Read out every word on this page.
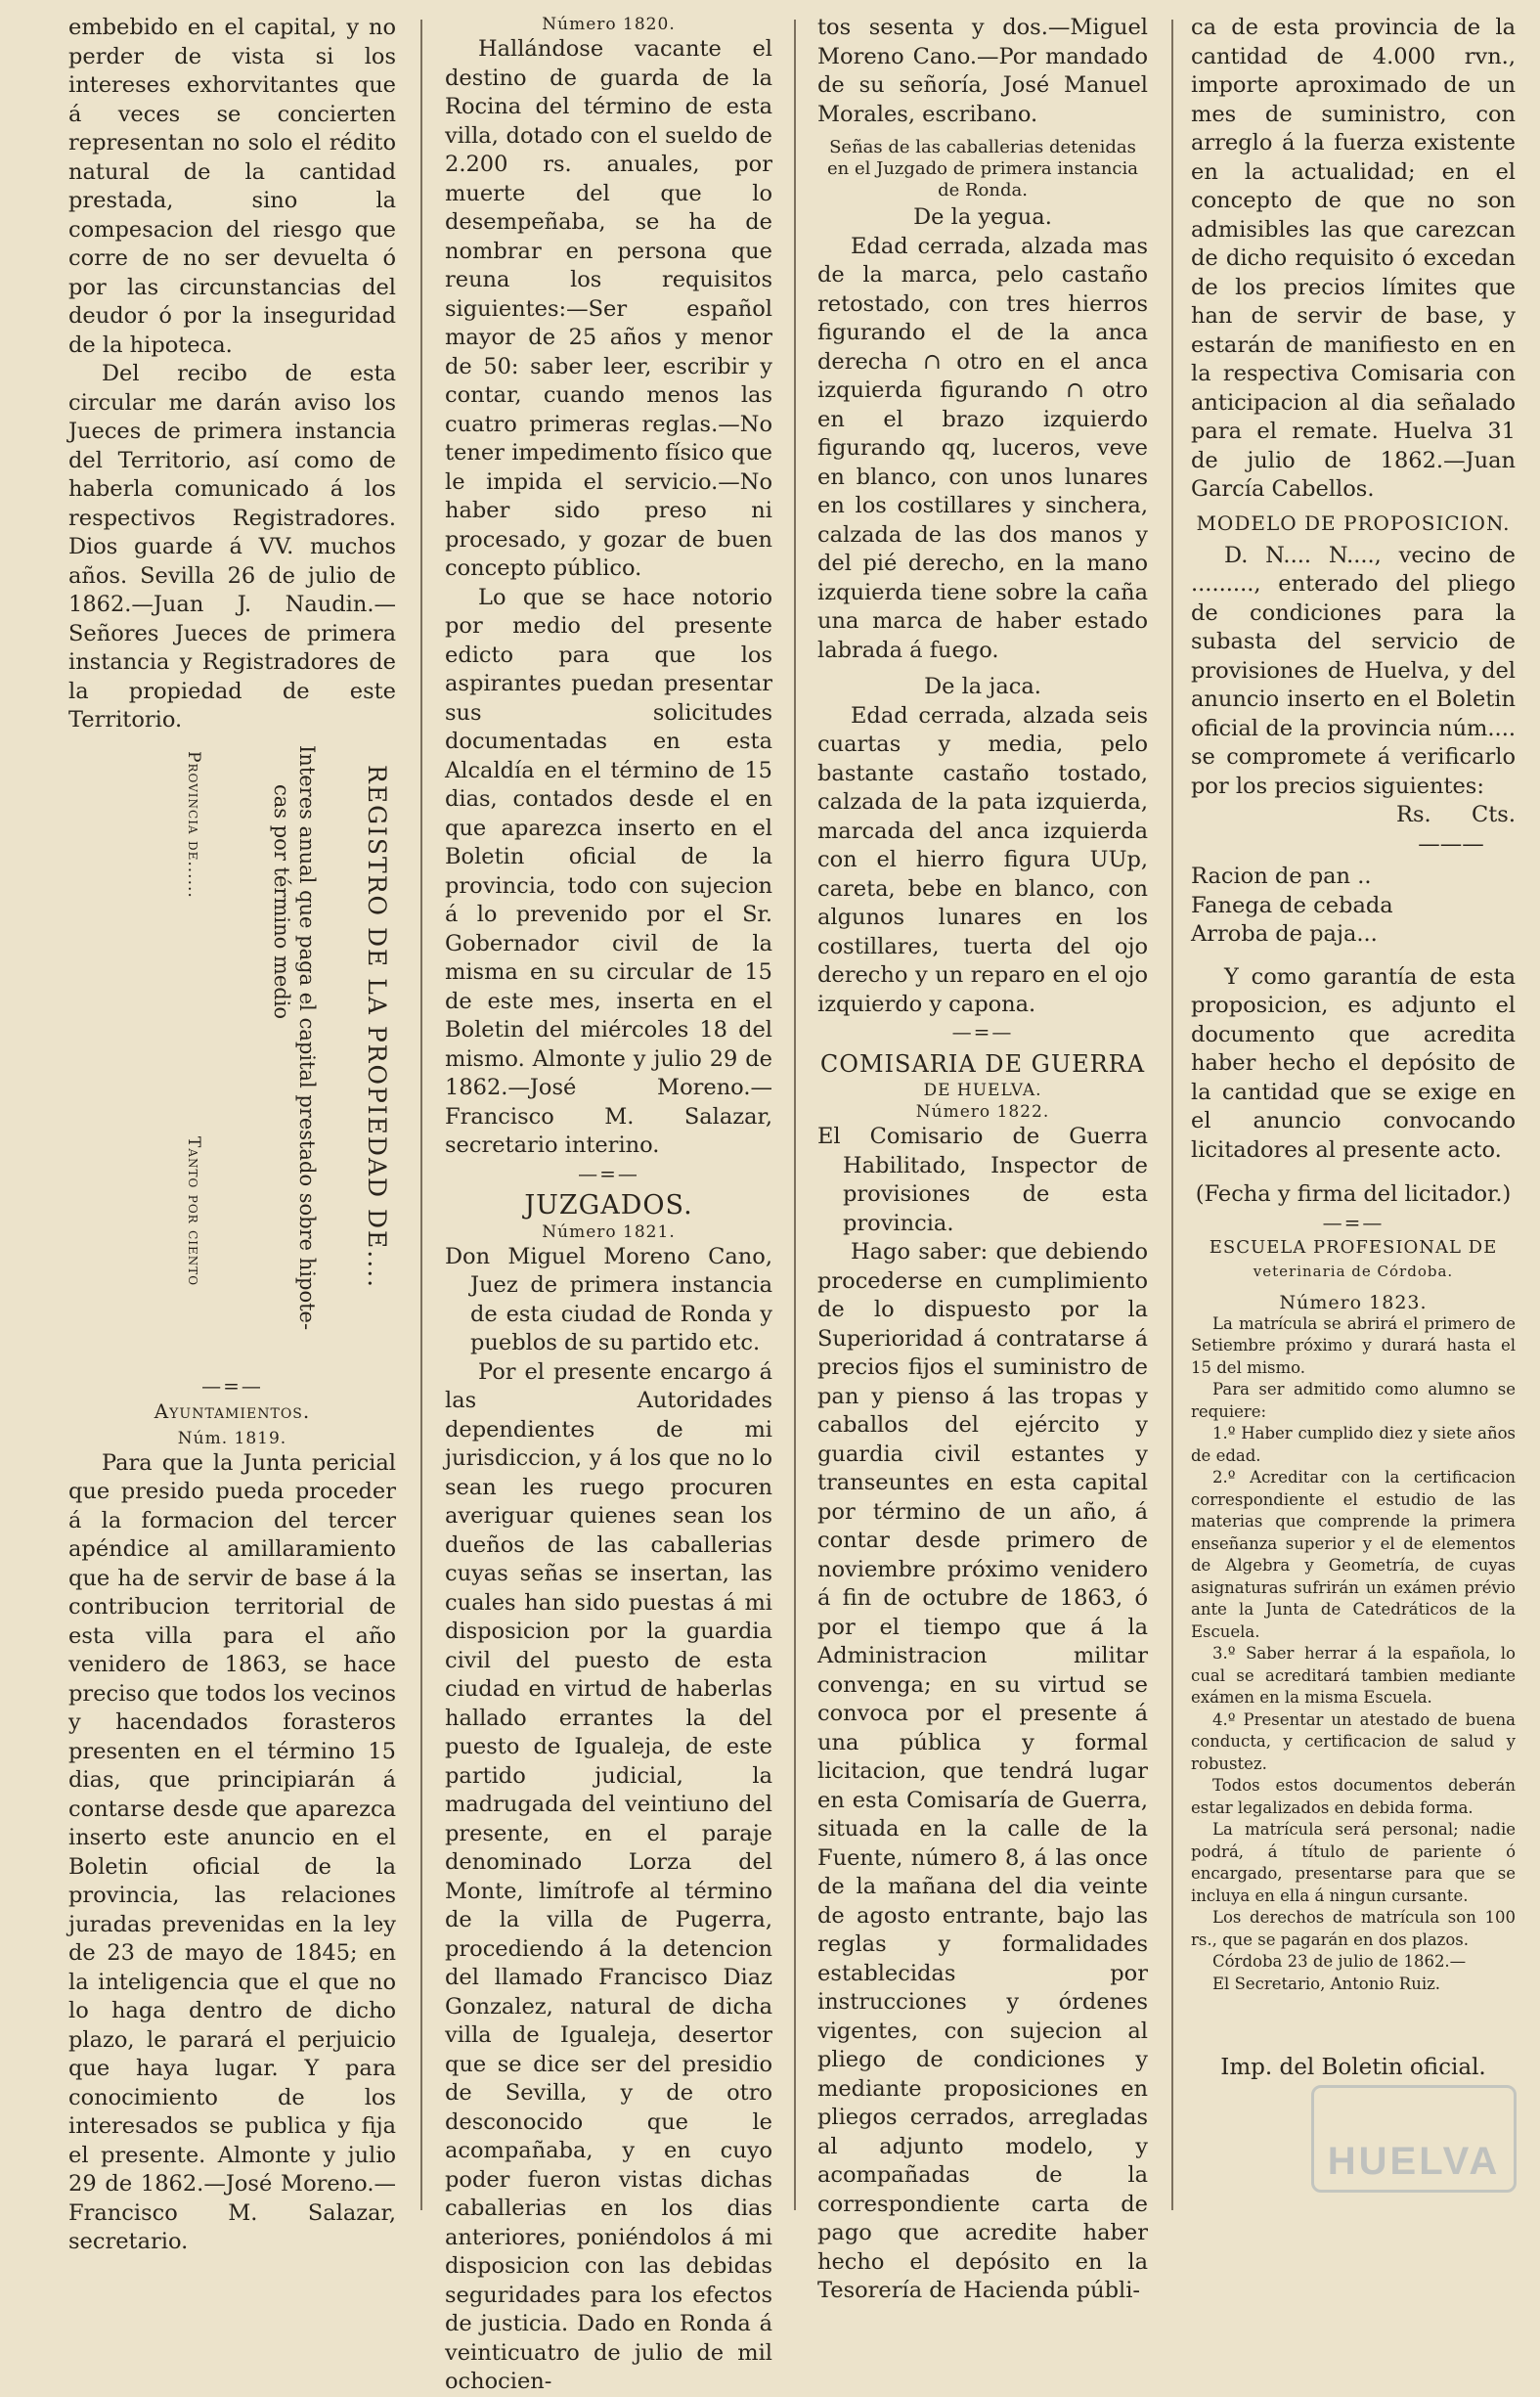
embebido en el capital, y no perder de vista si los intereses exhorvitantes que á veces se concierten representan no solo el rédito natural de la cantidad prestada, sino la compesacion del riesgo que corre de no ser devuelta ó por las circunstancias del deudor ó por la inseguridad de la hipoteca.

Del recibo de esta circular me darán aviso los Jueces de primera instancia del Territorio, así como de haberla comunicado á los respectivos Registradores. Dios guarde á VV. muchos años. Sevilla 26 de julio de 1862.—Juan J. Naudin.—Señores Jueces de primera instancia y Registradores de la propiedad de este Territorio.

REGISTRO DE LA PROPIEDAD DE....
Interes anual que paga el capital prestado sobre hipote-
cas por término medio
Provincia de......
Tanto por ciento

—=—

Ayuntamientos.

Núm. 1819.

Para que la Junta pericial que presido pueda proceder á la formacion del tercer apéndice al amillaramiento que ha de servir de base á la contribucion territorial de esta villa para el año venidero de 1863, se hace preciso que todos los vecinos y hacendados forasteros presenten en el término 15 dias, que principiarán á contarse desde que aparezca inserto este anuncio en el Boletin oficial de la provincia, las relaciones juradas prevenidas en la ley de 23 de mayo de 1845; en la inteligencia que el que no lo haga dentro de dicho plazo, le parará el perjuicio que haya lugar. Y para conocimiento de los interesados se publica y fija el presente. Almonte y julio 29 de 1862.—José Moreno.—Francisco M. Salazar, secretario.

Número 1820.

Hallándose vacante el destino de guarda de la Rocina del término de esta villa, dotado con el sueldo de 2.200 rs. anuales, por muerte del que lo desempeñaba, se ha de nombrar en persona que reuna los requisitos siguientes:—Ser español mayor de 25 años y menor de 50: saber leer, escribir y contar, cuando menos las cuatro primeras reglas.—No tener impedimento físico que le impida el servicio.—No haber sido preso ni procesado, y gozar de buen concepto público.

Lo que se hace notorio por medio del presente edicto para que los aspirantes puedan presentar sus solicitudes documentadas en esta Alcaldía en el término de 15 dias, contados desde el en que aparezca inserto en el Boletin oficial de la provincia, todo con sujecion á lo prevenido por el Sr. Gobernador civil de la misma en su circular de 15 de este mes, inserta en el Boletin del miércoles 18 del mismo. Almonte y julio 29 de 1862.—José Moreno.—Francisco M. Salazar, secretario interino.

—=—

JUZGADOS.

Número 1821.

Don Miguel Moreno Cano, Juez de primera instancia de esta ciudad de Ronda y pueblos de su partido etc.

Por el presente encargo á las Autoridades dependientes de mi jurisdiccion, y á los que no lo sean les ruego procuren averiguar quienes sean los dueños de las caballerias cuyas señas se insertan, las cuales han sido puestas á mi disposicion por la guardia civil del puesto de esta ciudad en virtud de haberlas hallado errantes la del puesto de Igualeja, de este partido judicial, la madrugada del veintiuno del presente, en el paraje denominado Lorza del Monte, limítrofe al término de la villa de Pugerra, procediendo á la detencion del llamado Francisco Diaz Gonzalez, natural de dicha villa de Igualeja, desertor que se dice ser del presidio de Sevilla, y de otro desconocido que le acompañaba, y en cuyo poder fueron vistas dichas caballerias en los dias anteriores, poniéndolos á mi disposicion con las debidas seguridades para los efectos de justicia. Dado en Ronda á veinticuatro de julio de mil ochocien-

tos sesenta y dos.—Miguel Moreno Cano.—Por mandado de su señoría, José Manuel Morales, escribano.

Señas de las caballerias detenidas en el Juzgado de primera instancia de Ronda.

De la yegua.

Edad cerrada, alzada mas de la marca, pelo castaño retostado, con tres hierros figurando el de la anca derecha ∩ otro en el anca izquierda figurando ∩ otro en el brazo izquierdo figurando qq, luceros, veve en blanco, con unos lunares en los costillares y sinchera, calzada de las dos manos y del pié derecho, en la mano izquierda tiene sobre la caña una marca de haber estado labrada á fuego.

De la jaca.

Edad cerrada, alzada seis cuartas y media, pelo bastante castaño tostado, calzada de la pata izquierda, marcada del anca izquierda con el hierro figura UUp, careta, bebe en blanco, con algunos lunares en los costillares, tuerta del ojo derecho y un reparo en el ojo izquierdo y capona.

—=—

COMISARIA DE GUERRA

DE HUELVA.

Número 1822.

El Comisario de Guerra Habilitado, Inspector de provisiones de esta provincia.

Hago saber: que debiendo procederse en cumplimiento de lo dispuesto por la Superioridad á contratarse á precios fijos el suministro de pan y pienso á las tropas y caballos del ejército y guardia civil estantes y transeuntes en esta capital por término de un año, á contar desde primero de noviembre próximo venidero á fin de octubre de 1863, ó por el tiempo que á la Administracion militar convenga; en su virtud se convoca por el presente á una pública y formal licitacion, que tendrá lugar en esta Comisaría de Guerra, situada en la calle de la Fuente, número 8, á las once de la mañana del dia veinte de agosto entrante, bajo las reglas y formalidades establecidas por instrucciones y órdenes vigentes, con sujecion al pliego de condiciones y mediante proposiciones en pliegos cerrados, arregladas al adjunto modelo, y acompañadas de la correspondiente carta de pago que acredite haber hecho el depósito en la Tesorería de Hacienda públi-

ca de esta provincia de la cantidad de 4.000 rvn., importe aproximado de un mes de suministro, con arreglo á la fuerza existente en la actualidad; en el concepto de que no son admisibles las que carezcan de dicho requisito ó excedan de los precios límites que han de servir de base, y estarán de manifiesto en en la respectiva Comisaria con anticipacion al dia señalado para el remate. Huelva 31 de julio de 1862.—Juan García Cabellos.

MODELO DE PROPOSICION.

D. N.... N...., vecino de ........., enterado del pliego de condiciones para la subasta del servicio de provisiones de Huelva, y del anuncio inserto en el Boletin oficial de la provincia núm.... se compromete á verificarlo por los precios siguientes:

Rs. Cts.

———

Racion de pan ..

Fanega de cebada

Arroba de paja...

Y como garantía de esta proposicion, es adjunto el documento que acredita haber hecho el depósito de la cantidad que se exige en el anuncio convocando licitadores al presente acto.

(Fecha y firma del licitador.)

—=—

ESCUELA PROFESIONAL DE

veterinaria de Córdoba.

Número 1823.

La matrícula se abrirá el primero de Setiembre próximo y durará hasta el 15 del mismo.

Para ser admitido como alumno se requiere:

1.º Haber cumplido diez y siete años de edad.

2.º Acreditar con la certificacion correspondiente el estudio de las materias que comprende la primera enseñanza superior y el de elementos de Algebra y Geometría, de cuyas asignaturas sufrirán un exámen prévio ante la Junta de Catedráticos de la Escuela.

3.º Saber herrar á la española, lo cual se acreditará tambien mediante exámen en la misma Escuela.

4.º Presentar un atestado de buena conducta, y certificacion de salud y robustez.

Todos estos documentos deberán estar legalizados en debida forma.

La matrícula será personal; nadie podrá, á título de pariente ó encargado, presentarse para que se incluya en ella á ningun cursante.

Los derechos de matrícula son 100 rs., que se pagarán en dos plazos.

Córdoba 23 de julio de 1862.—

El Secretario, Antonio Ruiz.

Imp. del Boletin oficial.

HUELVA
